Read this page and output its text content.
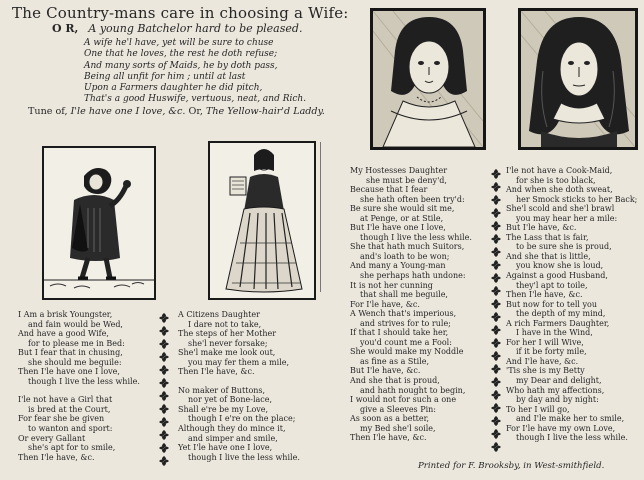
The Country-mans care in choosing a Wife:
O R, A young Batchelor hard to be pleased.
A wife he'l have, yet will be sure to chuse
One that he loves, the rest he doth refuse;
And many sorts of Maids, he by doth pass,
Being all unfit for him ; until at last
Upon a Farmers daughter he did pitch,
That's a good Huswife, vertuous, neat, and Rich.
Tune of, I'le have one I love, &c. Or, The Yellow-hair'd Laddy.
I Am a brisk Youngster,
and fain would be Wed,
And have a good Wife,
for to please me in Bed:
But I fear that in chusing,
she should me beguile:
Then I'le have one I love,
though I live the less while.
I'le not have a Girl that
is bred at the Court,
For fear she be given
to wanton and sport:
Or every Gallant
she's apt for to smile,
Then I'le have, &c.
A Citizens Daughter
I dare not to take,
The steps of her Mother
she'l never forsake;
She'l make me look out,
you may fer them a mile,
Then I'le have, &c.
No maker of Buttons,
nor yet of Bone-lace,
Shall e're be my Love,
though I e're on the place;
Although they do mince it,
and simper and smile,
Yet I'le have one I love,
though I live the less while.
My Hostesses Daughter
she must be deny'd,
Because that I fear
she hath often been try'd:
Be sure she would sit me,
at Penge, or at Stile,
But I'le have one I love,
though I live the less while.
She that hath much Suitors,
and's loath to be won;
And many a Young-man
she perhaps hath undone:
It is not her cunning
that shall me beguile,
For I'le have, &c.
A Wench that's imperious,
and strives for to rule;
If that I should take her,
you'd count me a Fool:
She would make my Noddle
as fine as a Stile,
But I'le have, &c.
And she that is proud,
and hath nought to begin,
I would not for such a one
give a Sleeves Pin:
As soon as a better,
my Bed she'l soile,
Then I'le have, &c.
I'le not have a Cook-Maid,
for she is too black,
And when she doth sweat,
her Smock sticks to her Back;
She'l scold and she'l brawl
you may hear her a mile:
But I'le have, &c.
The Lass that is fair,
to be sure she is proud,
And she that is little,
you know she is loud,
Against a good Husband,
they'l apt to toile,
Then I'le have, &c.
But now for to tell you
the depth of my mind,
A rich Farmers Daughter,
I have in the Wind,
For her I will Wive,
if it be forty mile,
And I'le have, &c.
'Tis she is my Betty
my Dear and delight,
Who hath my affections,
by day and by night:
To her I will go,
and I'le make her to smile,
For I'le have my own Love,
though I live the less while.
Printed for F. Brooksby, in West-smithfield.
